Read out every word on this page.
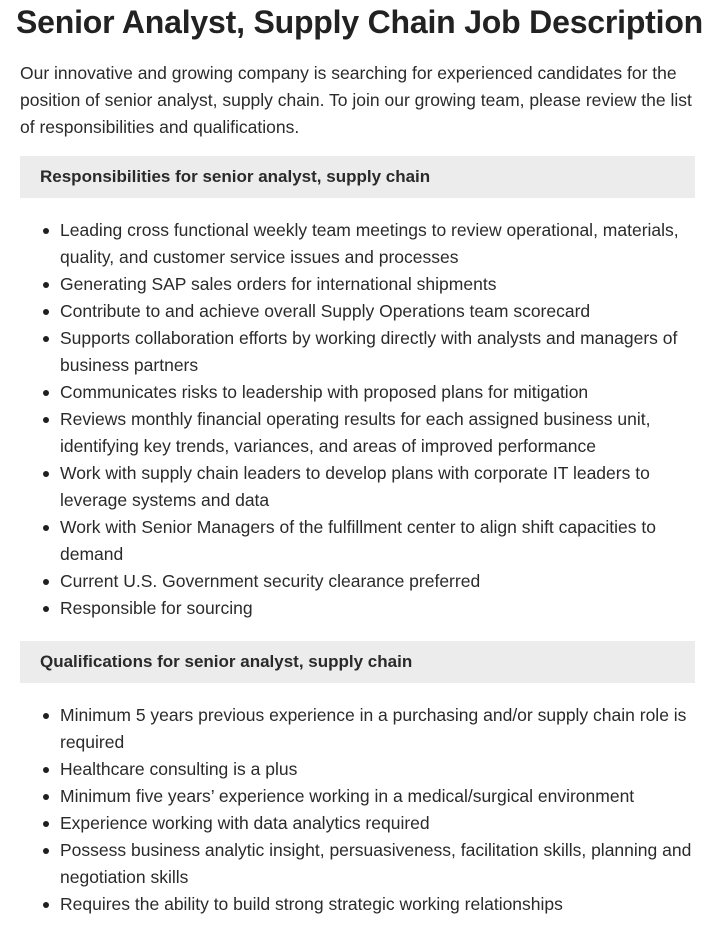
Senior Analyst, Supply Chain Job Description

Our innovative and growing company is searching for experienced candidates for the position of senior analyst, supply chain. To join our growing team, please review the list of responsibilities and qualifications.

Responsibilities for senior analyst, supply chain
Leading cross functional weekly team meetings to review operational, materials, quality, and customer service issues and processes
Generating SAP sales orders for international shipments
Contribute to and achieve overall Supply Operations team scorecard
Supports collaboration efforts by working directly with analysts and managers of business partners
Communicates risks to leadership with proposed plans for mitigation
Reviews monthly financial operating results for each assigned business unit, identifying key trends, variances, and areas of improved performance
Work with supply chain leaders to develop plans with corporate IT leaders to leverage systems and data
Work with Senior Managers of the fulfillment center to align shift capacities to demand
Current U.S. Government security clearance preferred
Responsible for sourcing
Qualifications for senior analyst, supply chain
Minimum 5 years previous experience in a purchasing and/or supply chain role is required
Healthcare consulting is a plus
Minimum five years’ experience working in a medical/surgical environment
Experience working with data analytics required
Possess business analytic insight, persuasiveness, facilitation skills, planning and negotiation skills
Requires the ability to build strong strategic working relationships
